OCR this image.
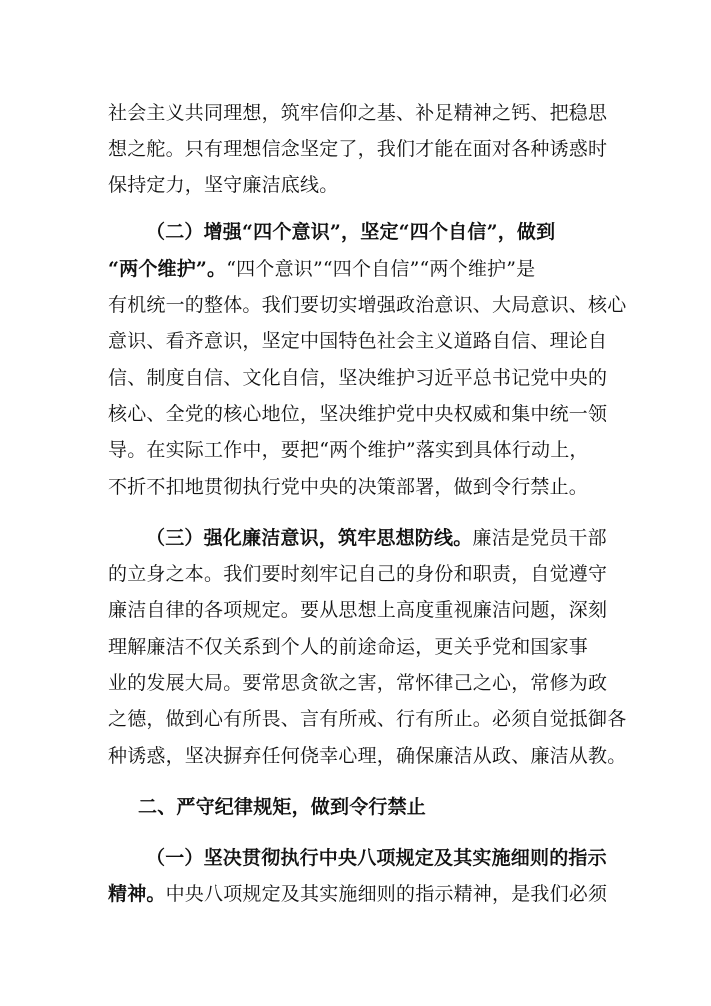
社会主义共同理想，筑牢信仰之基、补足精神之钙、把稳思
想之舵。只有理想信念坚定了，我们才能在面对各种诱惑时
保持定力，坚守廉洁底线。
（二）增强“四个意识”，坚定“四个自信”，做到
“两个维护”。“四个意识”“四个自信”“两个维护”是
有机统一的整体。我们要切实增强政治意识、大局意识、核心
意识、看齐意识，坚定中国特色社会主义道路自信、理论自
信、制度自信、文化自信，坚决维护习近平总书记党中央的
核心、全党的核心地位，坚决维护党中央权威和集中统一领
导。在实际工作中，要把“两个维护”落实到具体行动上，
不折不扣地贯彻执行党中央的决策部署，做到令行禁止。
（三）强化廉洁意识，筑牢思想防线。廉洁是党员干部
的立身之本。我们要时刻牢记自己的身份和职责，自觉遵守
廉洁自律的各项规定。要从思想上高度重视廉洁问题，深刻
理解廉洁不仅关系到个人的前途命运，更关乎党和国家事
业的发展大局。要常思贪欲之害，常怀律己之心，常修为政
之德，做到心有所畏、言有所戒、行有所止。必须自觉抵御各
种诱惑，坚决摒弃任何侥幸心理，确保廉洁从政、廉洁从教。
二、严守纪律规矩，做到令行禁止
（一）坚决贯彻执行中央八项规定及其实施细则的指示
精神。中央八项规定及其实施细则的指示精神，是我们必须
